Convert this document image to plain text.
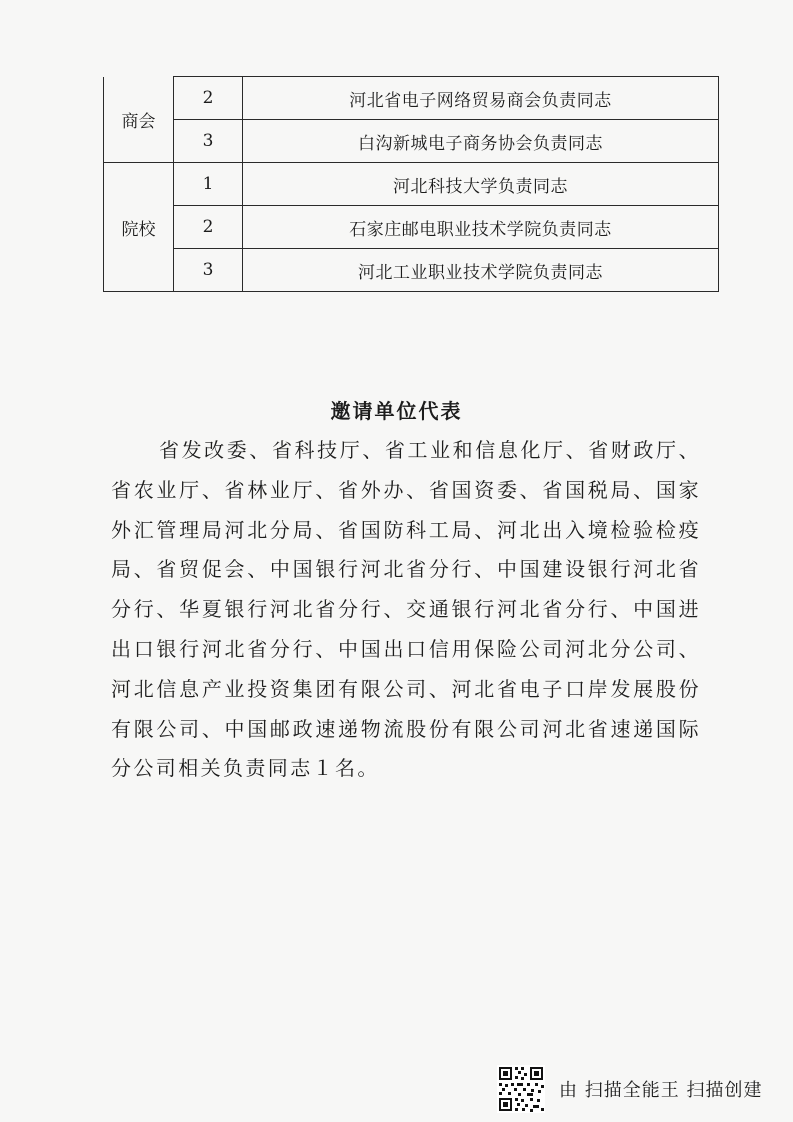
商会	2	河北省电子网络贸易商会负责同志
	3	白沟新城电子商务协会负责同志
院校	1	河北科技大学负责同志
	2	石家庄邮电职业技术学院负责同志
	3	河北工业职业技术学院负责同志
邀请单位代表
省发改委、省科技厅、省工业和信息化厅、省财政厅、省农业厅、省林业厅、省外办、省国资委、省国税局、国家外汇管理局河北分局、省国防科工局、河北出入境检验检疫局、省贸促会、中国银行河北省分行、中国建设银行河北省分行、华夏银行河北省分行、交通银行河北省分行、中国进出口银行河北省分行、中国出口信用保险公司河北分公司、河北信息产业投资集团有限公司、河北省电子口岸发展股份有限公司、中国邮政速递物流股份有限公司河北省速递国际分公司相关负责同志１名。
由 扫描全能王 扫描创建
